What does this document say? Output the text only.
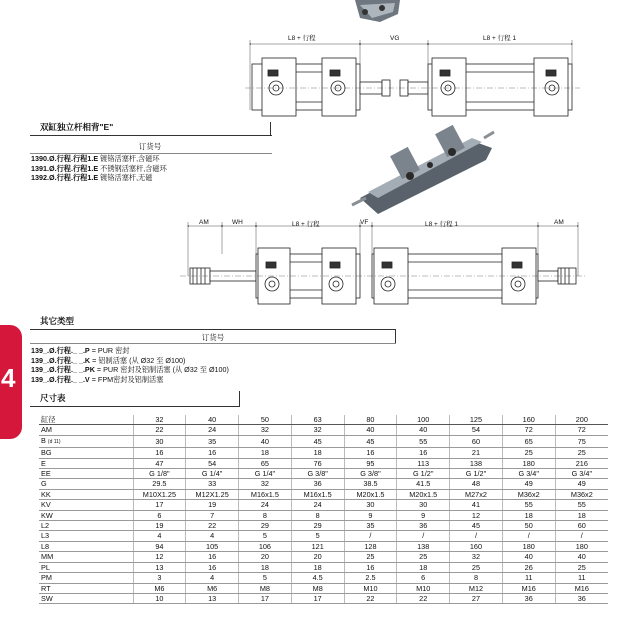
L8 + 行程	VG	L8 + 行程 1
AM	WH	L8 + 行程	VF	L8 + 行程 1	AM
双缸独立杆相背"E"
订货号
1390.Ø.行程.行程1.E 镀铬活塞杆,含磁环
1391.Ø.行程.行程1.E 不锈钢活塞杆,含磁环
1392.Ø.行程.行程1.E 镀铬活塞杆,无磁
其它类型
订货号
139_.Ø.行程._ _.P = PUR 密封
139_.Ø.行程._ _.K = 铝制活塞 (从 Ø32 至 Ø100)
139_.Ø.行程._ _.PK = PUR 密封及铝制活塞 (从 Ø32 至 Ø100)
139_.Ø.行程._ _.V = FPM密封及铝制活塞
4
尺寸表
缸径	32	40	50	63	80	100	125	160	200
AM	22	24	32	32	40	40	54	72	72
B (d 11)	30	35	40	45	45	55	60	65	75
BG	16	16	18	18	16	16	21	25	25
E	47	54	65	76	95	113	138	180	216
EE	G 1/8"	G 1/4"	G 1/4"	G 3/8"	G 3/8"	G 1/2"	G 1/2"	G 3/4"	G 3/4"
G	29.5	33	32	36	38.5	41.5	48	49	49
KK	M10X1.25	M12X1.25	M16x1.5	M16x1.5	M20x1.5	M20x1.5	M27x2	M36x2	M36x2
KV	17	19	24	24	30	30	41	55	55
KW	6	7	8	8	9	9	12	18	18
L2	19	22	29	29	35	36	45	50	60
L3	4	4	5	5	/	/	/	/	/
L8	94	105	106	121	128	138	160	180	180
MM	12	16	20	20	25	25	32	40	40
PL	13	16	18	18	16	18	25	26	25
PM	3	4	5	4.5	2.5	6	8	11	11
RT	M6	M6	M8	M8	M10	M10	M12	M16	M16
SW	10	13	17	17	22	22	27	36	36
